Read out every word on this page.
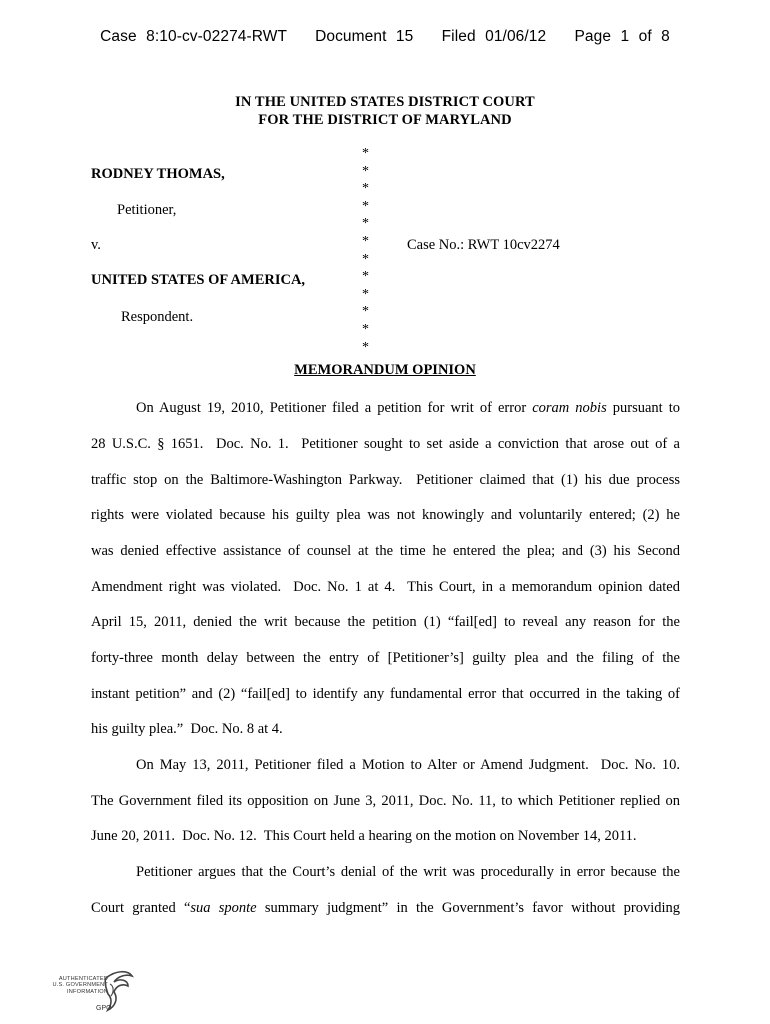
Case 8:10-cv-02274-RWT Document 15 Filed 01/06/12 Page 1 of 8
IN THE UNITED STATES DISTRICT COURT
FOR THE DISTRICT OF MARYLAND
RODNEY THOMAS,
Petitioner,
v.
UNITED STATES OF AMERICA,
Respondent.
Case No.: RWT 10cv2274
*
*
*
*
*
*
*
*
*
*
*
*
MEMORANDUM OPINION
On August 19, 2010, Petitioner filed a petition for writ of error coram nobis pursuant to
28 U.S.C. § 1651.  Doc. No. 1.  Petitioner sought to set aside a conviction that arose out of a
traffic stop on the Baltimore-Washington Parkway.  Petitioner claimed that (1) his due process
rights were violated because his guilty plea was not knowingly and voluntarily entered; (2) he
was denied effective assistance of counsel at the time he entered the plea; and (3) his Second
Amendment right was violated.  Doc. No. 1 at 4.  This Court, in a memorandum opinion dated
April 15, 2011, denied the writ because the petition (1) “fail[ed] to reveal any reason for the
forty-three month delay between the entry of [Petitioner’s] guilty plea and the filing of the
instant petition” and (2) “fail[ed] to identify any fundamental error that occurred in the taking of
his guilty plea.”  Doc. No. 8 at 4.
On May 13, 2011, Petitioner filed a Motion to Alter or Amend Judgment.  Doc. No. 10.
The Government filed its opposition on June 3, 2011, Doc. No. 11, to which Petitioner replied on
June 20, 2011.  Doc. No. 12.  This Court held a hearing on the motion on November 14, 2011.
Petitioner argues that the Court’s denial of the writ was procedurally in error because the
Court granted “sua sponte summary judgment” in the Government’s favor without providing
AUTHENTICATED
U.S. GOVERNMENT
INFORMATION
GPO
